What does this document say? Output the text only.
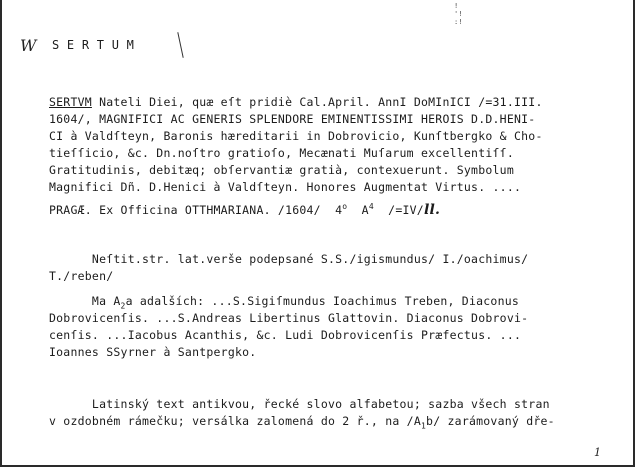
W S E R T U M
!
'!
:!
SERTVM Nateli Diei, quæ eſt pridiè Cal.April. AnnI DoMInICI /=31.III.
1604/, MAGNIFICI AC GENERIS SPLENDORE EMINENTISSIMI HEROIS D.D.HENI-
CI à Valdſteyn, Baronis hæreditarii in Dobrovicio, Kunſtbergko & Cho-
tieſſicio, &c. Dn.noſtro gratioſo, Mecænati Muſarum excellentiſſ.
Gratitudinis, debitæq; obſervantiæ gratià, contexuerunt. Symbolum
Magnifici Dñ. D.Henici à Valdſteyn. Honores Augmentat Virtus. ....
PRAGÆ. Ex Officina OTTHMARIANA. /1604/  4$^o$  $A^4$  /=IV/ll.
Neſtit.str. lat.verše podepsané S.S./igismundus/ I./oachimus/
T./reben/
Ma $A_2a$ adalších: ...S.Sigiſmundus Ioachimus Treben, Diaconus
Dobrovicenſis. ...S.Andreas Libertinus Glattovin. Diaconus Dobrovi-
cenſis. ...Iacobus Acanthis, &c. Ludi Dobrovicenſis Præfectus. ...
Ioannes SSyrner à Santpergko.
Latinský text antikvou, řecké slovo alfabetou; sazba všech stran
v ozdobném rámečku; versálka zalomená do 2 ř., na $/A_1b/$ zarámovaný dře-
1
